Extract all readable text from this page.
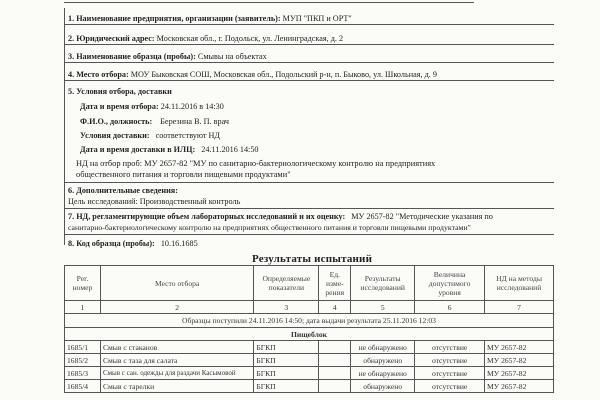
1. Наименование предприятия, организации (заявитель): МУП "ПКП и ОРТ"
2. Юридический адрес: Московская обл., г. Подольск, ул. Ленинградская, д. 2
3. Наименование образца (пробы): Смывы на объектах
4. Место отбора: МОУ Быковская СОШ, Московская обл., Подольский р-н, п. Быково, ул. Школьная, д. 9
5. Условия отбора, доставки
Дата и время отбора: 24.11.2016 в 14:30
Ф.И.О., должность: Березина В. П. врач
Условия доставки: соответствуют НД
Дата и время доставки в ИЛЦ: 24.11.2016 14:50
НД на отбор проб: МУ 2657-82 "МУ по санитарно-бактериологическому контролю на предприятиях
общественного питания и торговли пищевыми продуктами"
6. Дополнительные сведения:
Цель исследований: Производственный контроль
7. НД, регламентирующие объем лабораторных исследований и их оценку: МУ 2657-82 "Методические указания по
санитарно-бактериологическому контролю на предприятиях общественного питания и торговли пищевыми продуктами"
8. Код образца (пробы): 10.16.1685
Результаты испытаний
Рег. номер	Место отбора	Определяемые показатели	Ед. изме-рения	Результаты исследований	Величина допустимого уровня	НД на методы исследований
1	2	3	4	5	6	7
Образцы поступили 24.11.2016 14:50; дата выдачи результата 25.11.2016 12:03						
Пищеблок						
1685/1	Смыв с стаканов	БГКП		не обнаружено	отсутствие	МУ 2657-82
1685/2	Смыв с таза для салата	БГКП		обнаружено	отсутствие	МУ 2657-82
1685/3	Смыв с сан. одежды для раздачи Касымовой	БГКП		не обнаружено	отсутствие	МУ 2657-82
1685/4	Смыв с тарелки	БГКП		обнаружено	отсутствие	МУ 2657-82
